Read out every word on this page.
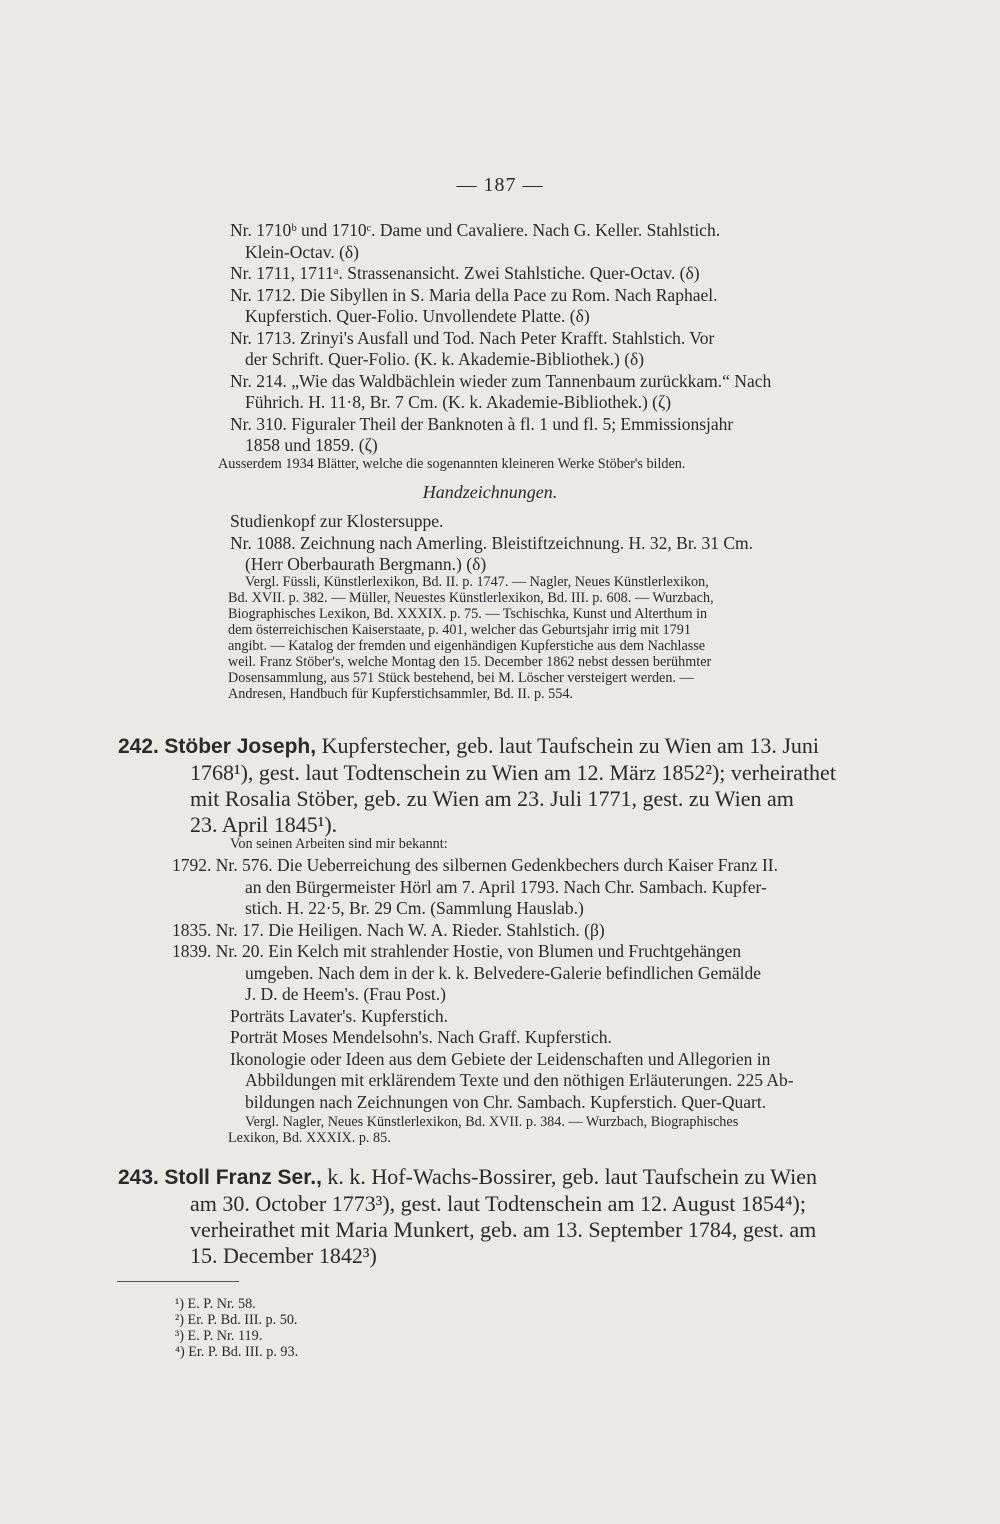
— 187 —
Nr. 1710ᵇ und 1710ᶜ. Dame und Cavaliere. Nach G. Keller. Stahlstich.
Klein-Octav. (δ)
Nr. 1711, 1711ᵃ. Strassenansicht. Zwei Stahlstiche. Quer-Octav. (δ)
Nr. 1712. Die Sibyllen in S. Maria della Pace zu Rom. Nach Raphael.
Kupferstich. Quer-Folio. Unvollendete Platte. (δ)
Nr. 1713. Zrinyi's Ausfall und Tod. Nach Peter Krafft. Stahlstich. Vor
der Schrift. Quer-Folio. (K. k. Akademie-Bibliothek.) (δ)
Nr. 214. „Wie das Waldbächlein wieder zum Tannenbaum zurückkam.“ Nach
Führich. H. 11·8, Br. 7 Cm. (K. k. Akademie-Bibliothek.) (ζ)
Nr. 310. Figuraler Theil der Banknoten à fl. 1 und fl. 5; Emmissionsjahr
1858 und 1859. (ζ)
Ausserdem 1934 Blätter, welche die sogenannten kleineren Werke Stöber's bilden.
Handzeichnungen.
Studienkopf zur Klostersuppe.
Nr. 1088. Zeichnung nach Amerling. Bleistiftzeichnung. H. 32, Br. 31 Cm.
(Herr Oberbaurath Bergmann.) (δ)
Vergl. Füssli, Künstlerlexikon, Bd. II. p. 1747. — Nagler, Neues Künstlerlexikon,
Bd. XVII. p. 382. — Müller, Neuestes Künstlerlexikon, Bd. III. p. 608. — Wurzbach,
Biographisches Lexikon, Bd. XXXIX. p. 75. — Tschischka, Kunst und Alterthum in
dem österreichischen Kaiserstaate, p. 401, welcher das Geburtsjahr irrig mit 1791
angibt. — Katalog der fremden und eigenhändigen Kupferstiche aus dem Nachlasse
weil. Franz Stöber's, welche Montag den 15. December 1862 nebst dessen berühmter
Dosensammlung, aus 571 Stück bestehend, bei M. Löscher versteigert werden. —
Andresen, Handbuch für Kupferstichsammler, Bd. II. p. 554.
242. Stöber Joseph, Kupferstecher, geb. laut Taufschein zu Wien am 13. Juni
1768¹), gest. laut Todtenschein zu Wien am 12. März 1852²); verheirathet
mit Rosalia Stöber, geb. zu Wien am 23. Juli 1771, gest. zu Wien am
23. April 1845¹).
Von seinen Arbeiten sind mir bekannt:
1792. Nr. 576. Die Ueberreichung des silbernen Gedenkbechers durch Kaiser Franz II.
an den Bürgermeister Hörl am 7. April 1793. Nach Chr. Sambach. Kupfer-
stich. H. 22·5, Br. 29 Cm. (Sammlung Hauslab.)
1835. Nr. 17. Die Heiligen. Nach W. A. Rieder. Stahlstich. (β)
1839. Nr. 20. Ein Kelch mit strahlender Hostie, von Blumen und Fruchtgehängen
umgeben. Nach dem in der k. k. Belvedere-Galerie befindlichen Gemälde
J. D. de Heem's. (Frau Post.)
Porträts Lavater's. Kupferstich.
Porträt Moses Mendelsohn's. Nach Graff. Kupferstich.
Ikonologie oder Ideen aus dem Gebiete der Leidenschaften und Allegorien in
Abbildungen mit erklärendem Texte und den nöthigen Erläuterungen. 225 Ab-
bildungen nach Zeichnungen von Chr. Sambach. Kupferstich. Quer-Quart.
Vergl. Nagler, Neues Künstlerlexikon, Bd. XVII. p. 384. — Wurzbach, Biographisches
Lexikon, Bd. XXXIX. p. 85.
243. Stoll Franz Ser., k. k. Hof-Wachs-Bossirer, geb. laut Taufschein zu Wien
am 30. October 1773³), gest. laut Todtenschein am 12. August 1854⁴);
verheirathet mit Maria Munkert, geb. am 13. September 1784, gest. am
15. December 1842³)
¹) E. P. Nr. 58.
²) Er. P. Bd. III. p. 50.
³) E. P. Nr. 119.
⁴) Er. P. Bd. III. p. 93.
